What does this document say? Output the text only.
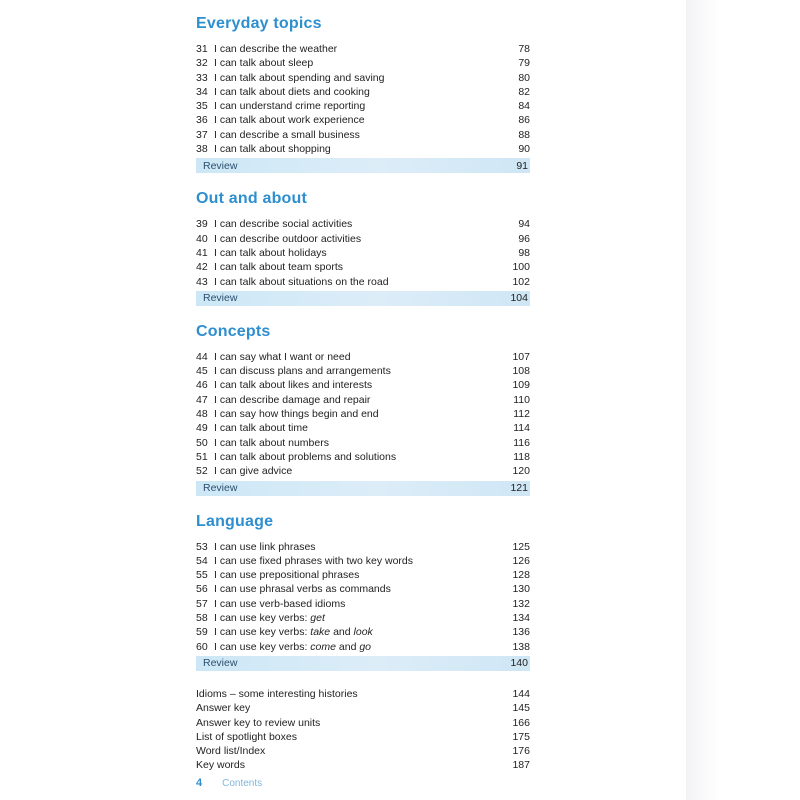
Everyday topics
31 I can describe the weather	78
32 I can talk about sleep	79
33 I can talk about spending and saving	80
34 I can talk about diets and cooking	82
35 I can understand crime reporting	84
36 I can talk about work experience	86
37 I can describe a small business	88
38 I can talk about shopping	90
Review	91
Out and about
39 I can describe social activities	94
40 I can describe outdoor activities	96
41 I can talk about holidays	98
42 I can talk about team sports	100
43 I can talk about situations on the road	102
Review	104
Concepts
44 I can say what I want or need	107
45 I can discuss plans and arrangements	108
46 I can talk about likes and interests	109
47 I can describe damage and repair	110
48 I can say how things begin and end	112
49 I can talk about time	114
50 I can talk about numbers	116
51 I can talk about problems and solutions	118
52 I can give advice	120
Review	121
Language
53 I can use link phrases	125
54 I can use fixed phrases with two key words	126
55 I can use prepositional phrases	128
56 I can use phrasal verbs as commands	130
57 I can use verb-based idioms	132
58 I can use key verbs: get	134
59 I can use key verbs: take and look	136
60 I can use key verbs: come and go	138
Review	140
Idioms – some interesting histories	144
Answer key	145
Answer key to review units	166
List of spotlight boxes	175
Word list/Index	176
Key words	187
4 Contents
